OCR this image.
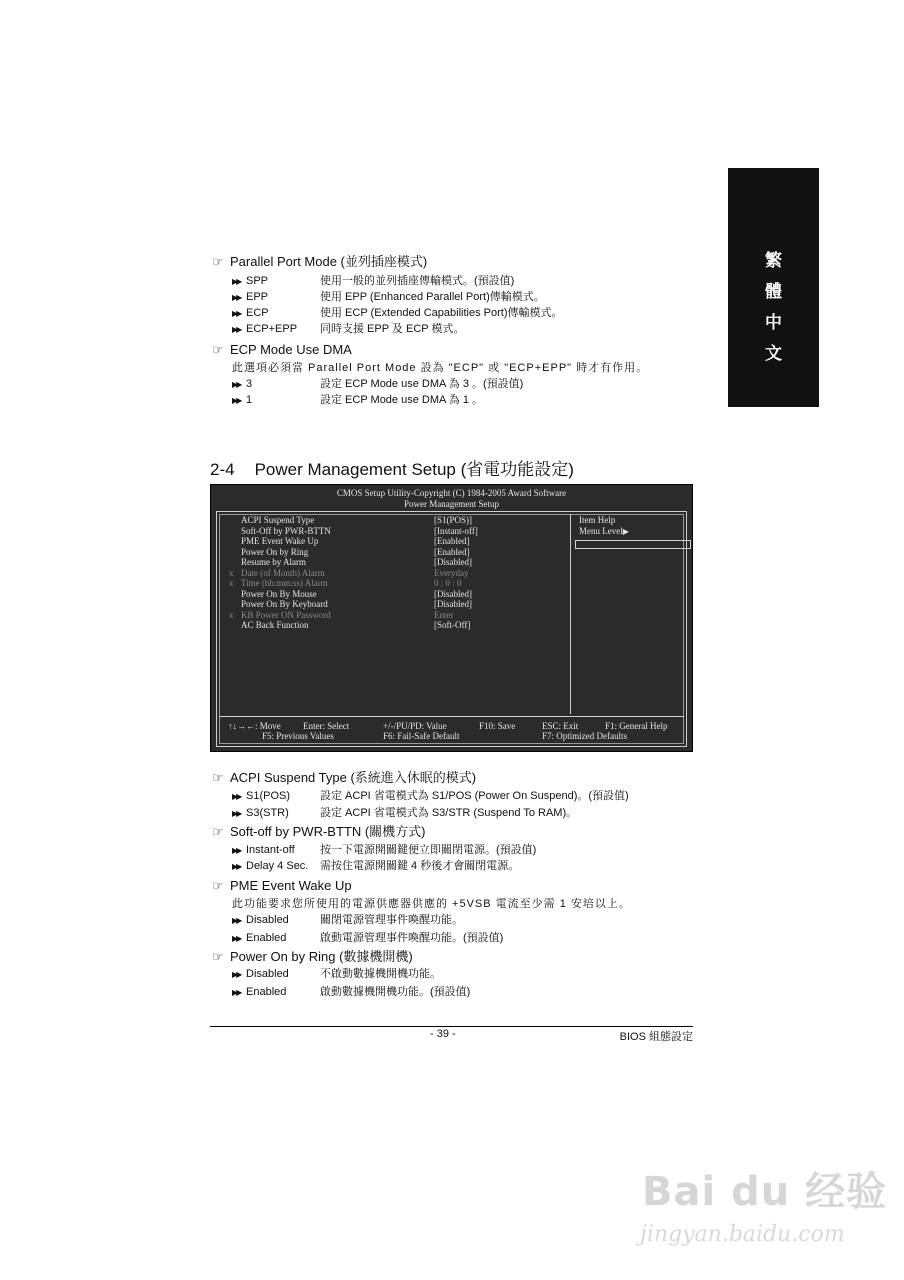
繁
體
中
文
☞ Parallel Port Mode (並列插座模式)
▶▶ SPP	使用一般的並列插座傳輸模式。(預設值)
▶▶ EPP	使用 EPP (Enhanced Parallel Port)傳輸模式。
▶▶ ECP	使用 ECP (Extended Capabilities Port)傳輸模式。
▶▶ ECP+EPP 同時支援 EPP 及 ECP 模式。
☞ ECP Mode Use DMA
此選項必須當 Parallel Port Mode 設為 "ECP" 或 "ECP+EPP" 時才有作用。
▶▶ 3	設定 ECP Mode use DMA 為 3 。(預設值)
▶▶ 1	設定 ECP Mode use DMA 為 1 。
2-4 Power Management Setup (省電功能設定)
CMOS Setup Utility-Copyright (C) 1984-2005 Award Software
Power Management Setup
ACPI Suspend Type	[S1(POS)]
Soft-Off by PWR-BTTN	[Instant-off]
PME Event Wake Up	[Enabled]
Power On by Ring	[Enabled]
Resume by Alarm	[Disabled]
x Date (of Month) Alarm	Everyday
x Time (hh:mm:ss) Alarm	0 : 0 : 0
Power On By Mouse	[Disabled]
Power On By Keyboard	[Disabled]
x KB Power ON Password	Enter
AC Back Function	[Soft-Off]
Item Help
Menu Level▶
↑↓→←: Move Enter: Select	+/-/PU/PD: Value	F10: Save	ESC: Exit	F1: General Help
F5: Previous Values	F6: Fail-Safe Default	F7: Optimized Defaults
☞ ACPI Suspend Type (系統進入休眠的模式)
▶▶ S1(POS)	設定 ACPI 省電模式為 S1/POS (Power On Suspend)。(預設值)
▶▶ S3(STR)	設定 ACPI 省電模式為 S3/STR (Suspend To RAM)。
☞ Soft-off by PWR-BTTN (關機方式)
▶▶ Instant-off 按一下電源開關鍵便立即關閉電源。(預設值)
▶▶ Delay 4 Sec. 需按住電源開關鍵 4 秒後才會關閉電源。
☞ PME Event Wake Up
此功能要求您所使用的電源供應器供應的 +5VSB 電流至少需 1 安培以上。
▶▶ Disabled	關閉電源管理事件喚醒功能。
▶▶ Enabled	啟動電源管理事件喚醒功能。(預設值)
☞ Power On by Ring (數據機開機)
▶▶ Disabled	不啟動數據機開機功能。
▶▶ Enabled	啟動數據機開機功能。(預設值)
- 39 -	BIOS 組態設定
Bai du 经验
jingyan.baidu.com
